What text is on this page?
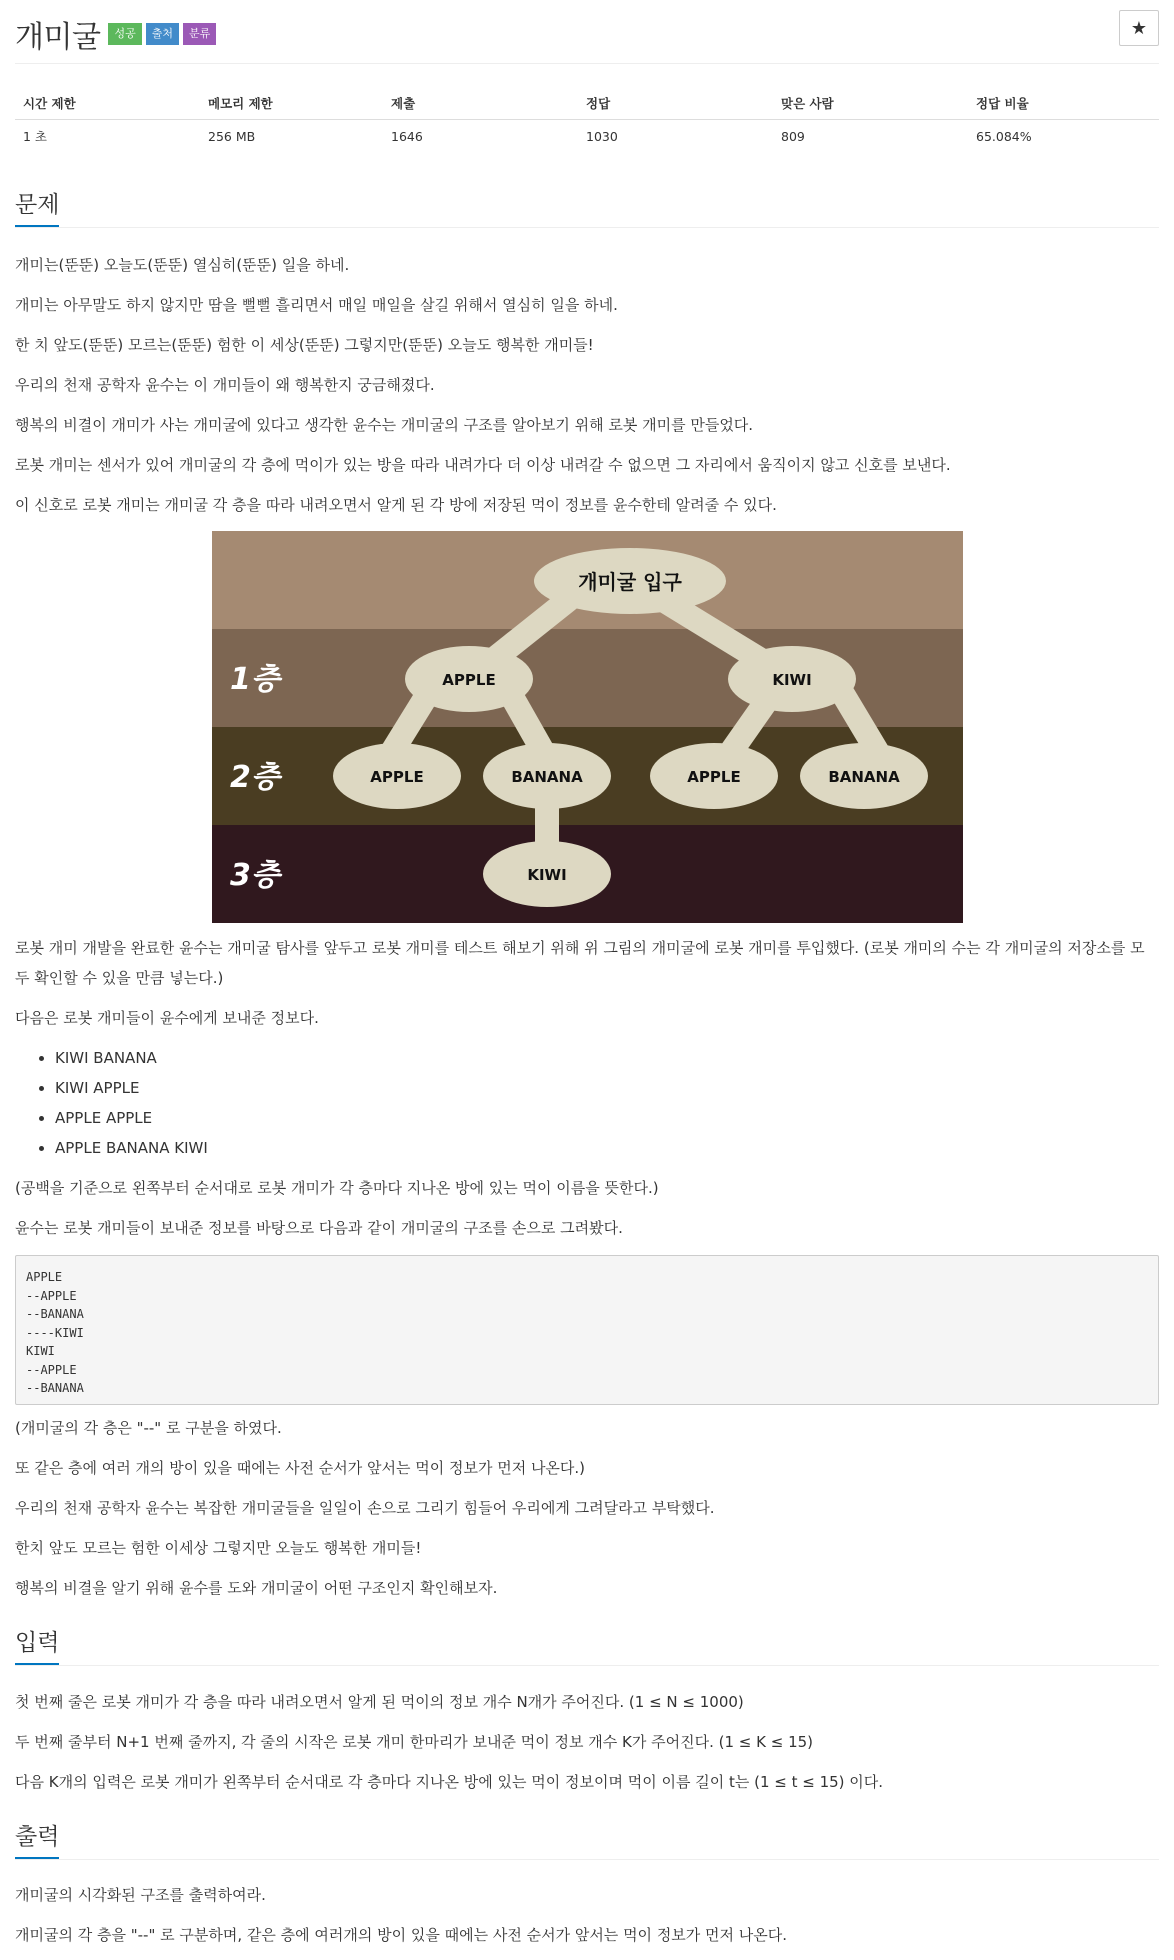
개미굴	성공	출처	분류	★
시간 제한	메모리 제한	제출	정답	맞은 사람	정답 비율
1 초	256 MB	1646	1030	809	65.084%
문제

개미는(뚠뚠) 오늘도(뚠뚠) 열심히(뚠뚠) 일을 하네.

개미는 아무말도 하지 않지만 땀을 뻘뻘 흘리면서 매일 매일을 살길 위해서 열심히 일을 하네.

한 치 앞도(뚠뚠) 모르는(뚠뚠) 험한 이 세상(뚠뚠) 그렇지만(뚠뚠) 오늘도 행복한 개미들!

우리의 천재 공학자 윤수는 이 개미들이 왜 행복한지 궁금해졌다.

행복의 비결이 개미가 사는 개미굴에 있다고 생각한 윤수는 개미굴의 구조를 알아보기 위해 로봇 개미를 만들었다.

로봇 개미는 센서가 있어 개미굴의 각 층에 먹이가 있는 방을 따라 내려가다 더 이상 내려갈 수 없으면 그 자리에서 움직이지 않고 신호를 보낸다.

이 신호로 로봇 개미는 개미굴 각 층을 따라 내려오면서 알게 된 각 방에 저장된 먹이 정보를 윤수한테 알려줄 수 있다.

개미굴 입구
APPLE	KIWI
APPLE	BANANA	APPLE	BANANA
KIWI
1층
2층
3층

로봇 개미 개발을 완료한 윤수는 개미굴 탐사를 앞두고 로봇 개미를 테스트 해보기 위해 위 그림의 개미굴에 로봇 개미를 투입했다. (로봇 개미의 수는 각 개미굴의 저장소를 모

두 확인할 수 있을 만큼 넣는다.)

다음은 로봇 개미들이 윤수에게 보내준 정보다.

• KIWI BANANA
• KIWI APPLE
• APPLE APPLE
• APPLE BANANA KIWI

(공백을 기준으로 왼쪽부터 순서대로 로봇 개미가 각 층마다 지나온 방에 있는 먹이 이름을 뜻한다.)

윤수는 로봇 개미들이 보내준 정보를 바탕으로 다음과 같이 개미굴의 구조를 손으로 그려봤다.

APPLE
--APPLE
--BANANA
----KIWI
KIWI
--APPLE
--BANANA

(개미굴의 각 층은 "--" 로 구분을 하였다.

또 같은 층에 여러 개의 방이 있을 때에는 사전 순서가 앞서는 먹이 정보가 먼저 나온다.)

우리의 천재 공학자 윤수는 복잡한 개미굴들을 일일이 손으로 그리기 힘들어 우리에게 그려달라고 부탁했다.

한치 앞도 모르는 험한 이세상 그렇지만 오늘도 행복한 개미들!

행복의 비결을 알기 위해 윤수를 도와 개미굴이 어떤 구조인지 확인해보자.

입력

첫 번째 줄은 로봇 개미가 각 층을 따라 내려오면서 알게 된 먹이의 정보 개수 N개가 주어진다. (1 ≤ N ≤ 1000)

두 번째 줄부터 N+1 번째 줄까지, 각 줄의 시작은 로봇 개미 한마리가 보내준 먹이 정보 개수 K가 주어진다. (1 ≤ K ≤ 15)

다음 K개의 입력은 로봇 개미가 왼쪽부터 순서대로 각 층마다 지나온 방에 있는 먹이 정보이며 먹이 이름 길이 t는 (1 ≤ t ≤ 15) 이다.

출력

개미굴의 시각화된 구조를 출력하여라.

개미굴의 각 층을 "--" 로 구분하며, 같은 층에 여러개의 방이 있을 때에는 사전 순서가 앞서는 먹이 정보가 먼저 나온다.
